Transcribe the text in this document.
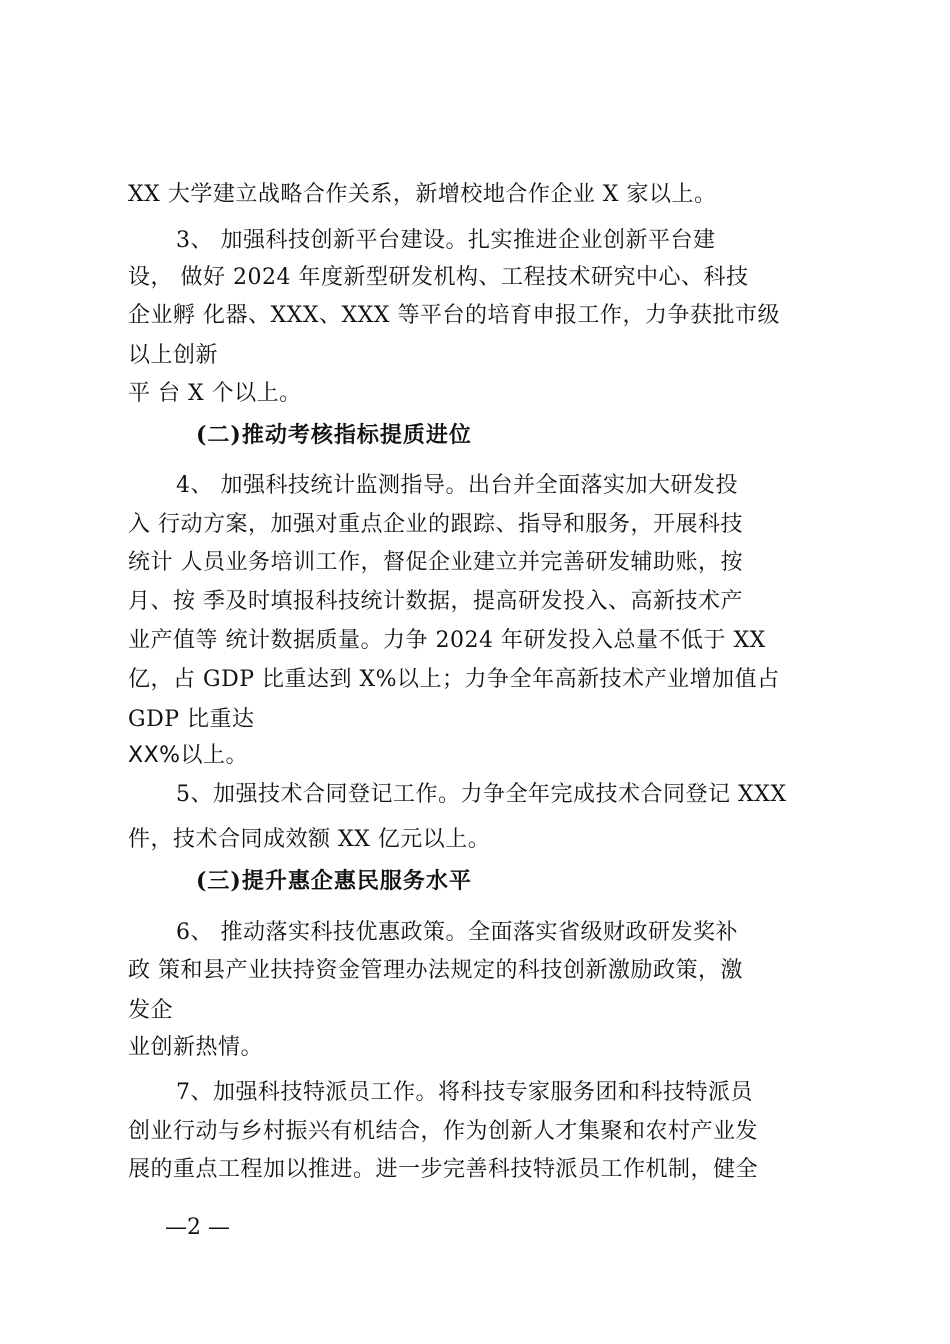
XX 大学建立战略合作关系，新增校地合作企业 X 家以上。
3、 加强科技创新平台建设。扎实推进企业创新平台建
设， 做好 2024 年度新型研发机构、工程技术研究中心、科技
企业孵 化器、XXX、XXX 等平台的培育申报工作，力争获批市级
以上创新
平 台 X 个以上。
(二)推动考核指标提质进位
4、 加强科技统计监测指导。出台并全面落实加大研发投
入 行动方案，加强对重点企业的跟踪、指导和服务，开展科技
统计 人员业务培训工作，督促企业建立并完善研发辅助账，按
月、按 季及时填报科技统计数据，提高研发投入、高新技术产
业产值等 统计数据质量。力争 2024 年研发投入总量不低于 XX
亿，占 GDP 比重达到 X%以上；力争全年高新技术产业增加值占
GDP 比重达
XX%以上。
5、加强技术合同登记工作。力争全年完成技术合同登记 XXX
件，技术合同成效额 XX 亿元以上。
(三)提升惠企惠民服务水平
6、 推动落实科技优惠政策。全面落实省级财政研发奖补
政 策和县产业扶持资金管理办法规定的科技创新激励政策，激
发企
业创新热情。
7、加强科技特派员工作。将科技专家服务团和科技特派员
创业行动与乡村振兴有机结合，作为创新人才集聚和农村产业发
展的重点工程加以推进。进一步完善科技特派员工作机制，健全
—2 —
